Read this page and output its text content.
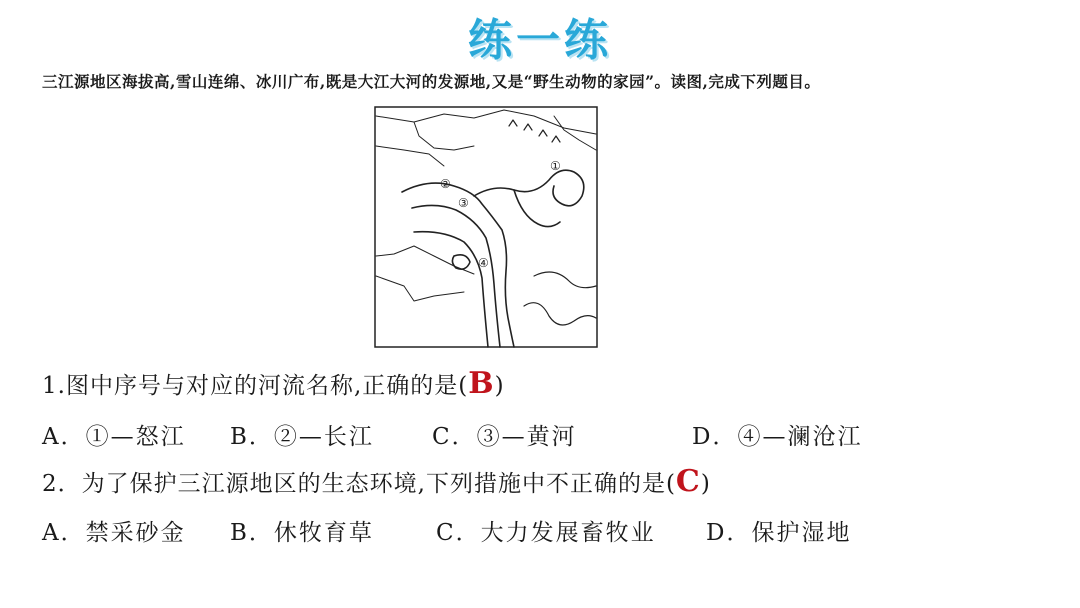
练一练
三江源地区海拔高,雪山连绵、冰川广布,既是大江大河的发源地,又是“野生动物的家园”。读图,完成下列题目。
①
②
③
④
1.图中序号与对应的河流名称,正确的是(B)
A．①—怒江 B．②—长江	C．③—黄河	D．④—澜沧江
2．为了保护三江源地区的生态环境,下列措施中不正确的是(C)
A．禁采砂金 B．休牧育草	C．大力发展畜牧业 D．保护湿地
